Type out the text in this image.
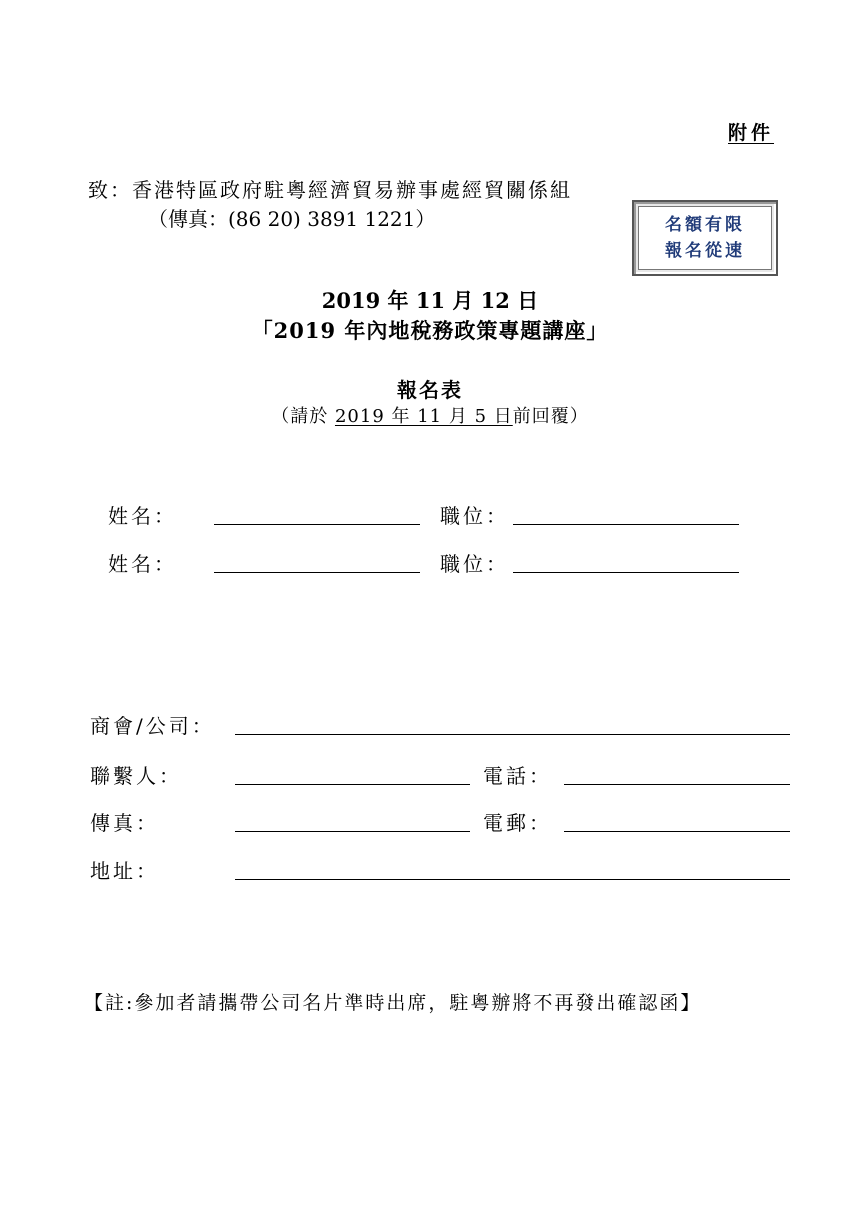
附件
致：香港特區政府駐粵經濟貿易辦事處經貿關係組
（傳真：(86 20) 3891 1221）	名額有限
報名從速
2019 年 11 月 12 日
「2019 年內地稅務政策專題講座」
報名表
（請於 2019 年 11 月 5 日前回覆）
姓名：	職位：
姓名：	職位：
商會/公司：
聯繫人：	電話：
傳真：	電郵：
地址：
【註:參加者請攜帶公司名片準時出席，駐粵辦將不再發出確認函】
